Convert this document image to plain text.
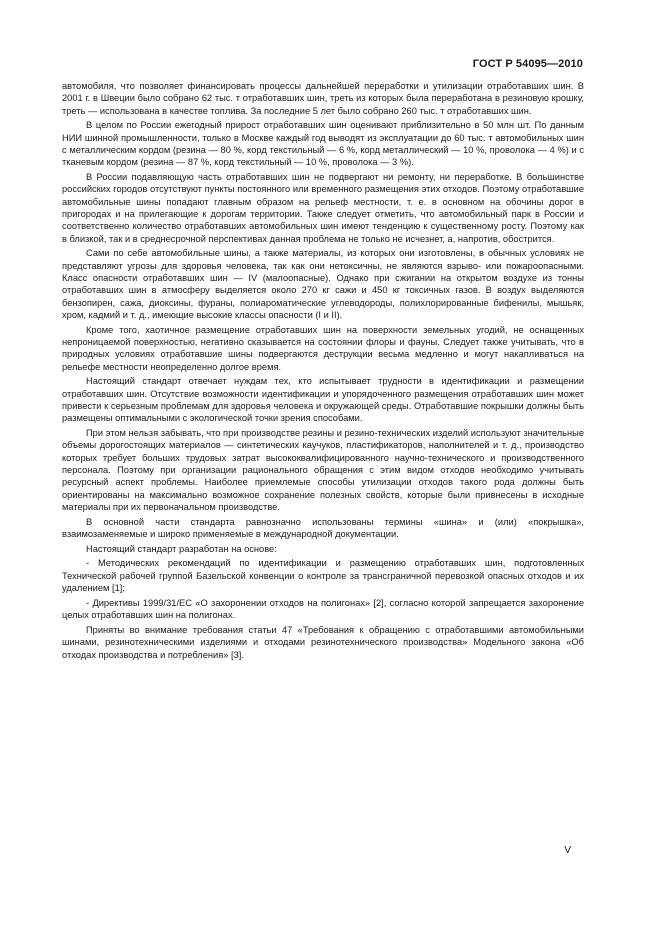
ГОСТ Р 54095—2010

автомобиля, что позволяет финансировать процессы дальнейшей переработки и утилизации отработавших шин. В 2001 г. в Швеции было собрано 62 тыс. т отработавших шин, треть из которых была переработана в резиновую крошку, треть — использована в качестве топлива. За последние 5 лет было собрано 260 тыс. т отработавших шин.

В целом по России ежегодный прирост отработавших шин оценивают приблизительно в 50 млн шт. По данным НИИ шинной промышленности, только в Москве каждый год выводят из эксплуатации до 60 тыс. т автомобильных шин с металлическим кордом (резина — 80 %, корд текстильный — 6 %, корд металлический — 10 %, проволока — 4 %) и с тканевым кордом (резина — 87 %, корд текстильный — 10 %, проволока — 3 %).

В России подавляющую часть отработавших шин не подвергают ни ремонту, ни переработке. В большинстве российских городов отсутствуют пункты постоянного или временного размещения этих отходов. Поэтому отработавшие автомобильные шины попадают главным образом на рельеф местности, т. е. в основном на обочины дорог в пригородах и на прилегающие к дорогам территории. Также следует отметить, что автомобильный парк в России и соответственно количество отработавших автомобильных шин имеют тенденцию к существенному росту. Поэтому как в близкой, так и в среднесрочной перспективах данная проблема не только не исчезнет, а, напротив, обострится.

Сами по себе автомобильные шины, а также материалы, из которых они изготовлены, в обычных условиях не представляют угрозы для здоровья человека, так как они нетоксичны, не являются взрыво- или пожароопасными. Класс опасности отработавших шин — IV (малоопасные). Однако при сжигании на открытом воздухе из тонны отработавших шин в атмосферу выделяется около 270 кг сажи и 450 кг токсичных газов. В воздух выделяются бензопирен, сажа, диоксины, фураны, полиароматические углеводороды, полихлорированные бифенилы, мышьяк, хром, кадмий и т. д., имеющие высокие классы опасности (I и II).

Кроме того, хаотичное размещение отработавших шин на поверхности земельных угодий, не оснащенных непроницаемой поверхностью, негативно сказывается на состоянии флоры и фауны. Следует также учитывать, что в природных условиях отработавшие шины подвергаются деструкции весьма медленно и могут накапливаться на рельефе местности неопределенно долгое время.

Настоящий стандарт отвечает нуждам тех, кто испытывает трудности в идентификации и размещении отработавших шин. Отсутствие возможности идентификации и упорядоченного размещения отработавших шин может привести к серьезным проблемам для здоровья человека и окружающей среды. Отработавшие покрышки должны быть размещены оптимальными с экологической точки зрения способами.

При этом нельзя забывать, что при производстве резины и резино-технических изделий используют значительные объемы дорогостоящих материалов — синтетических каучуков, пластификаторов, наполнителей и т. д., производство которых требует больших трудовых затрат высококвалифицированного научно-технического и производственного персонала. Поэтому при организации рационального обращения с этим видом отходов необходимо учитывать ресурсный аспект проблемы. Наиболее приемлемые способы утилизации отходов такого рода должны быть ориентированы на максимально возможное сохранение полезных свойств, которые были привнесены в исходные материалы при их первоначальном производстве.

В основной части стандарта равнозначно использованы термины «шина» и (или) «покрышка», взаимозаменяемые и широко применяемые в международной документации.

Настоящий стандарт разработан на основе:

- Методических рекомендаций по идентификации и размещению отработавших шин, подготовленных Технической рабочей группой Базельской конвенции о контроле за трансграничной перевозкой опасных отходов и их удалением [1];

- Директивы 1999/31/ЕС «О захоронении отходов на полигонах» [2], согласно которой запрещается захоронение целых отработавших шин на полигонах.

Приняты во внимание требования статьи 47 «Требования к обращению с отработавшими автомобильными шинами, резинотехническими изделиями и отходами резинотехнического производства» Модельного закона «Об отходах производства и потребления» [3].

V
